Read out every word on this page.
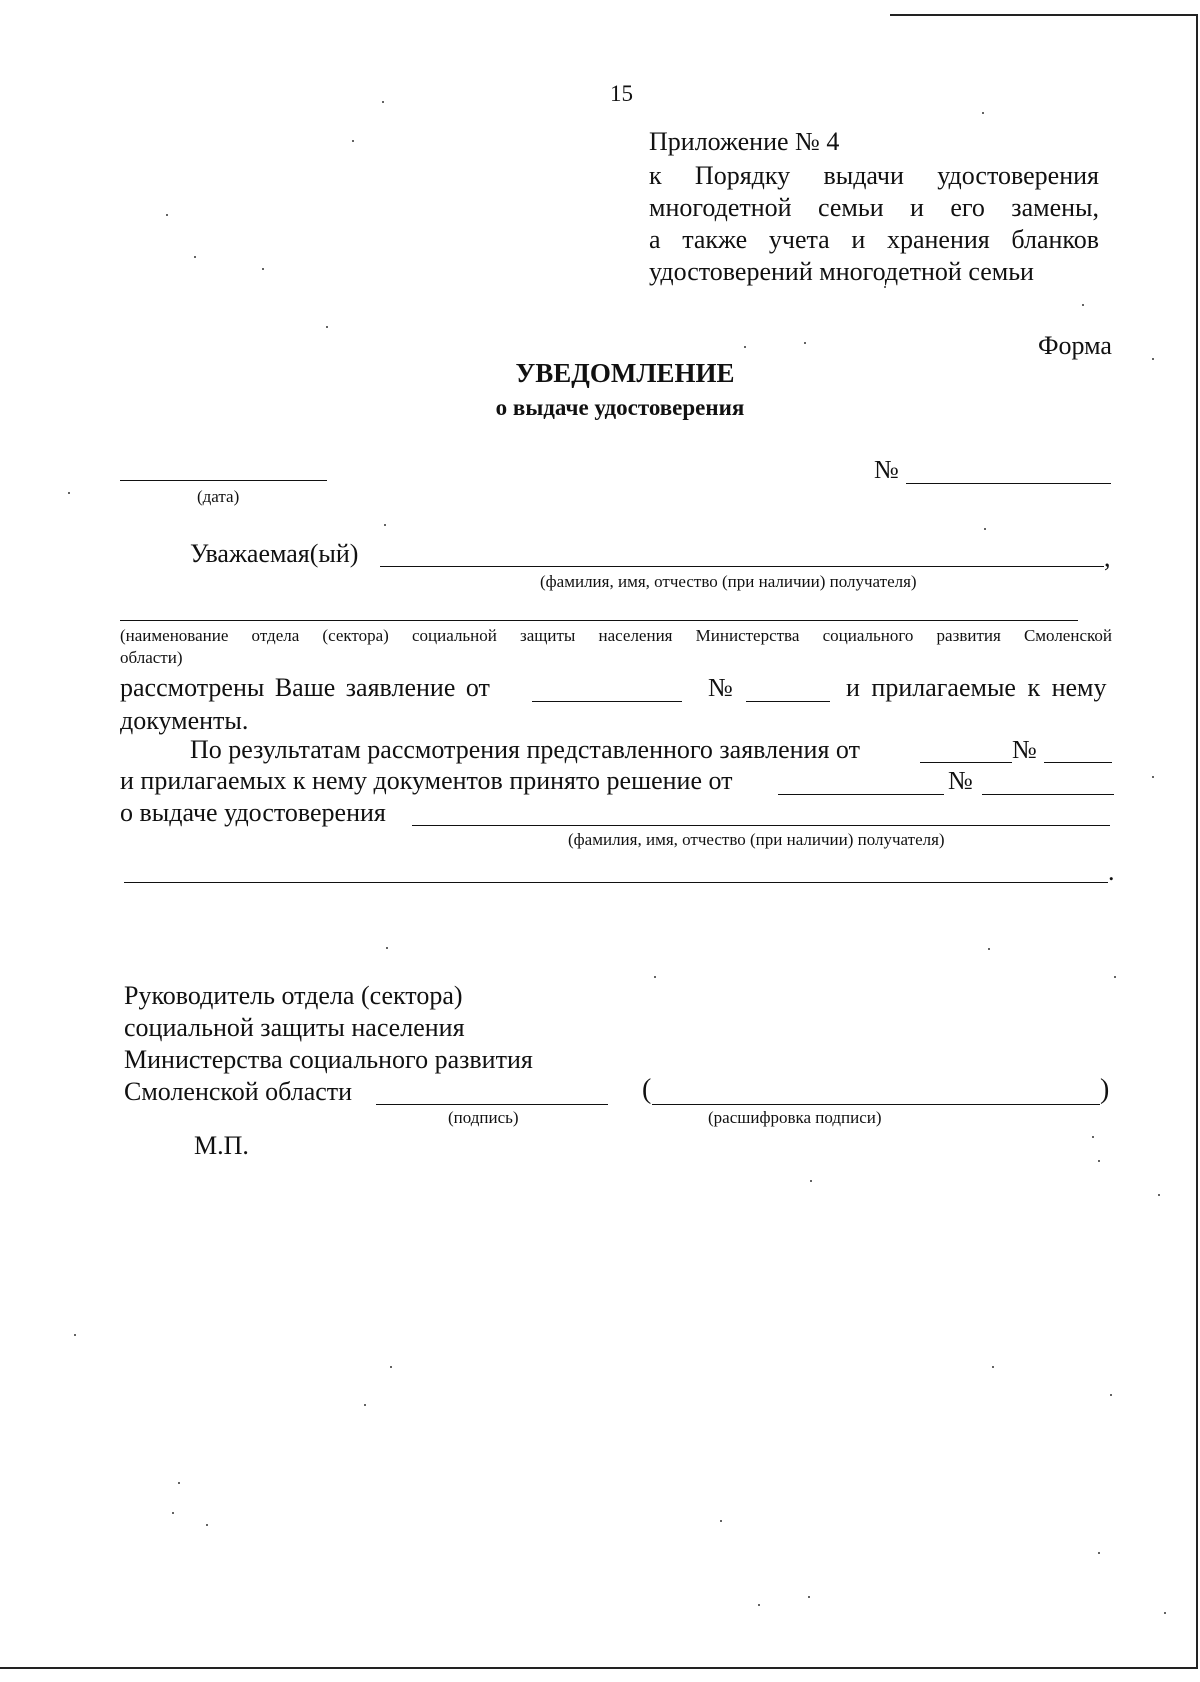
15
Приложение № 4
к Порядку выдачи удостоверения
многодетной семьи и его замены,
а также учета и хранения бланков
удостоверений многодетной семьи
Форма
УВЕДОМЛЕНИЕ
о выдаче удостоверения
(дата)
№
Уважаемая(ый)	,
(фамилия, имя, отчество (при наличии) получателя)
(наименование отдела (сектора) социальной защиты населения Министерства социального развития Смоленской
области)
рассмотрены Ваше заявление от	№	и прилагаемые к нему
документы.
По результатам рассмотрения представленного заявления от	№
и прилагаемых к нему документов принято решение от	№
о выдаче удостоверения
(фамилия, имя, отчество (при наличии) получателя)
.
Руководитель отдела (сектора)
социальной защиты населения
Министерства социального развития
Смоленской области
(подпись)
(	)
(расшифровка подписи)
М.П.
